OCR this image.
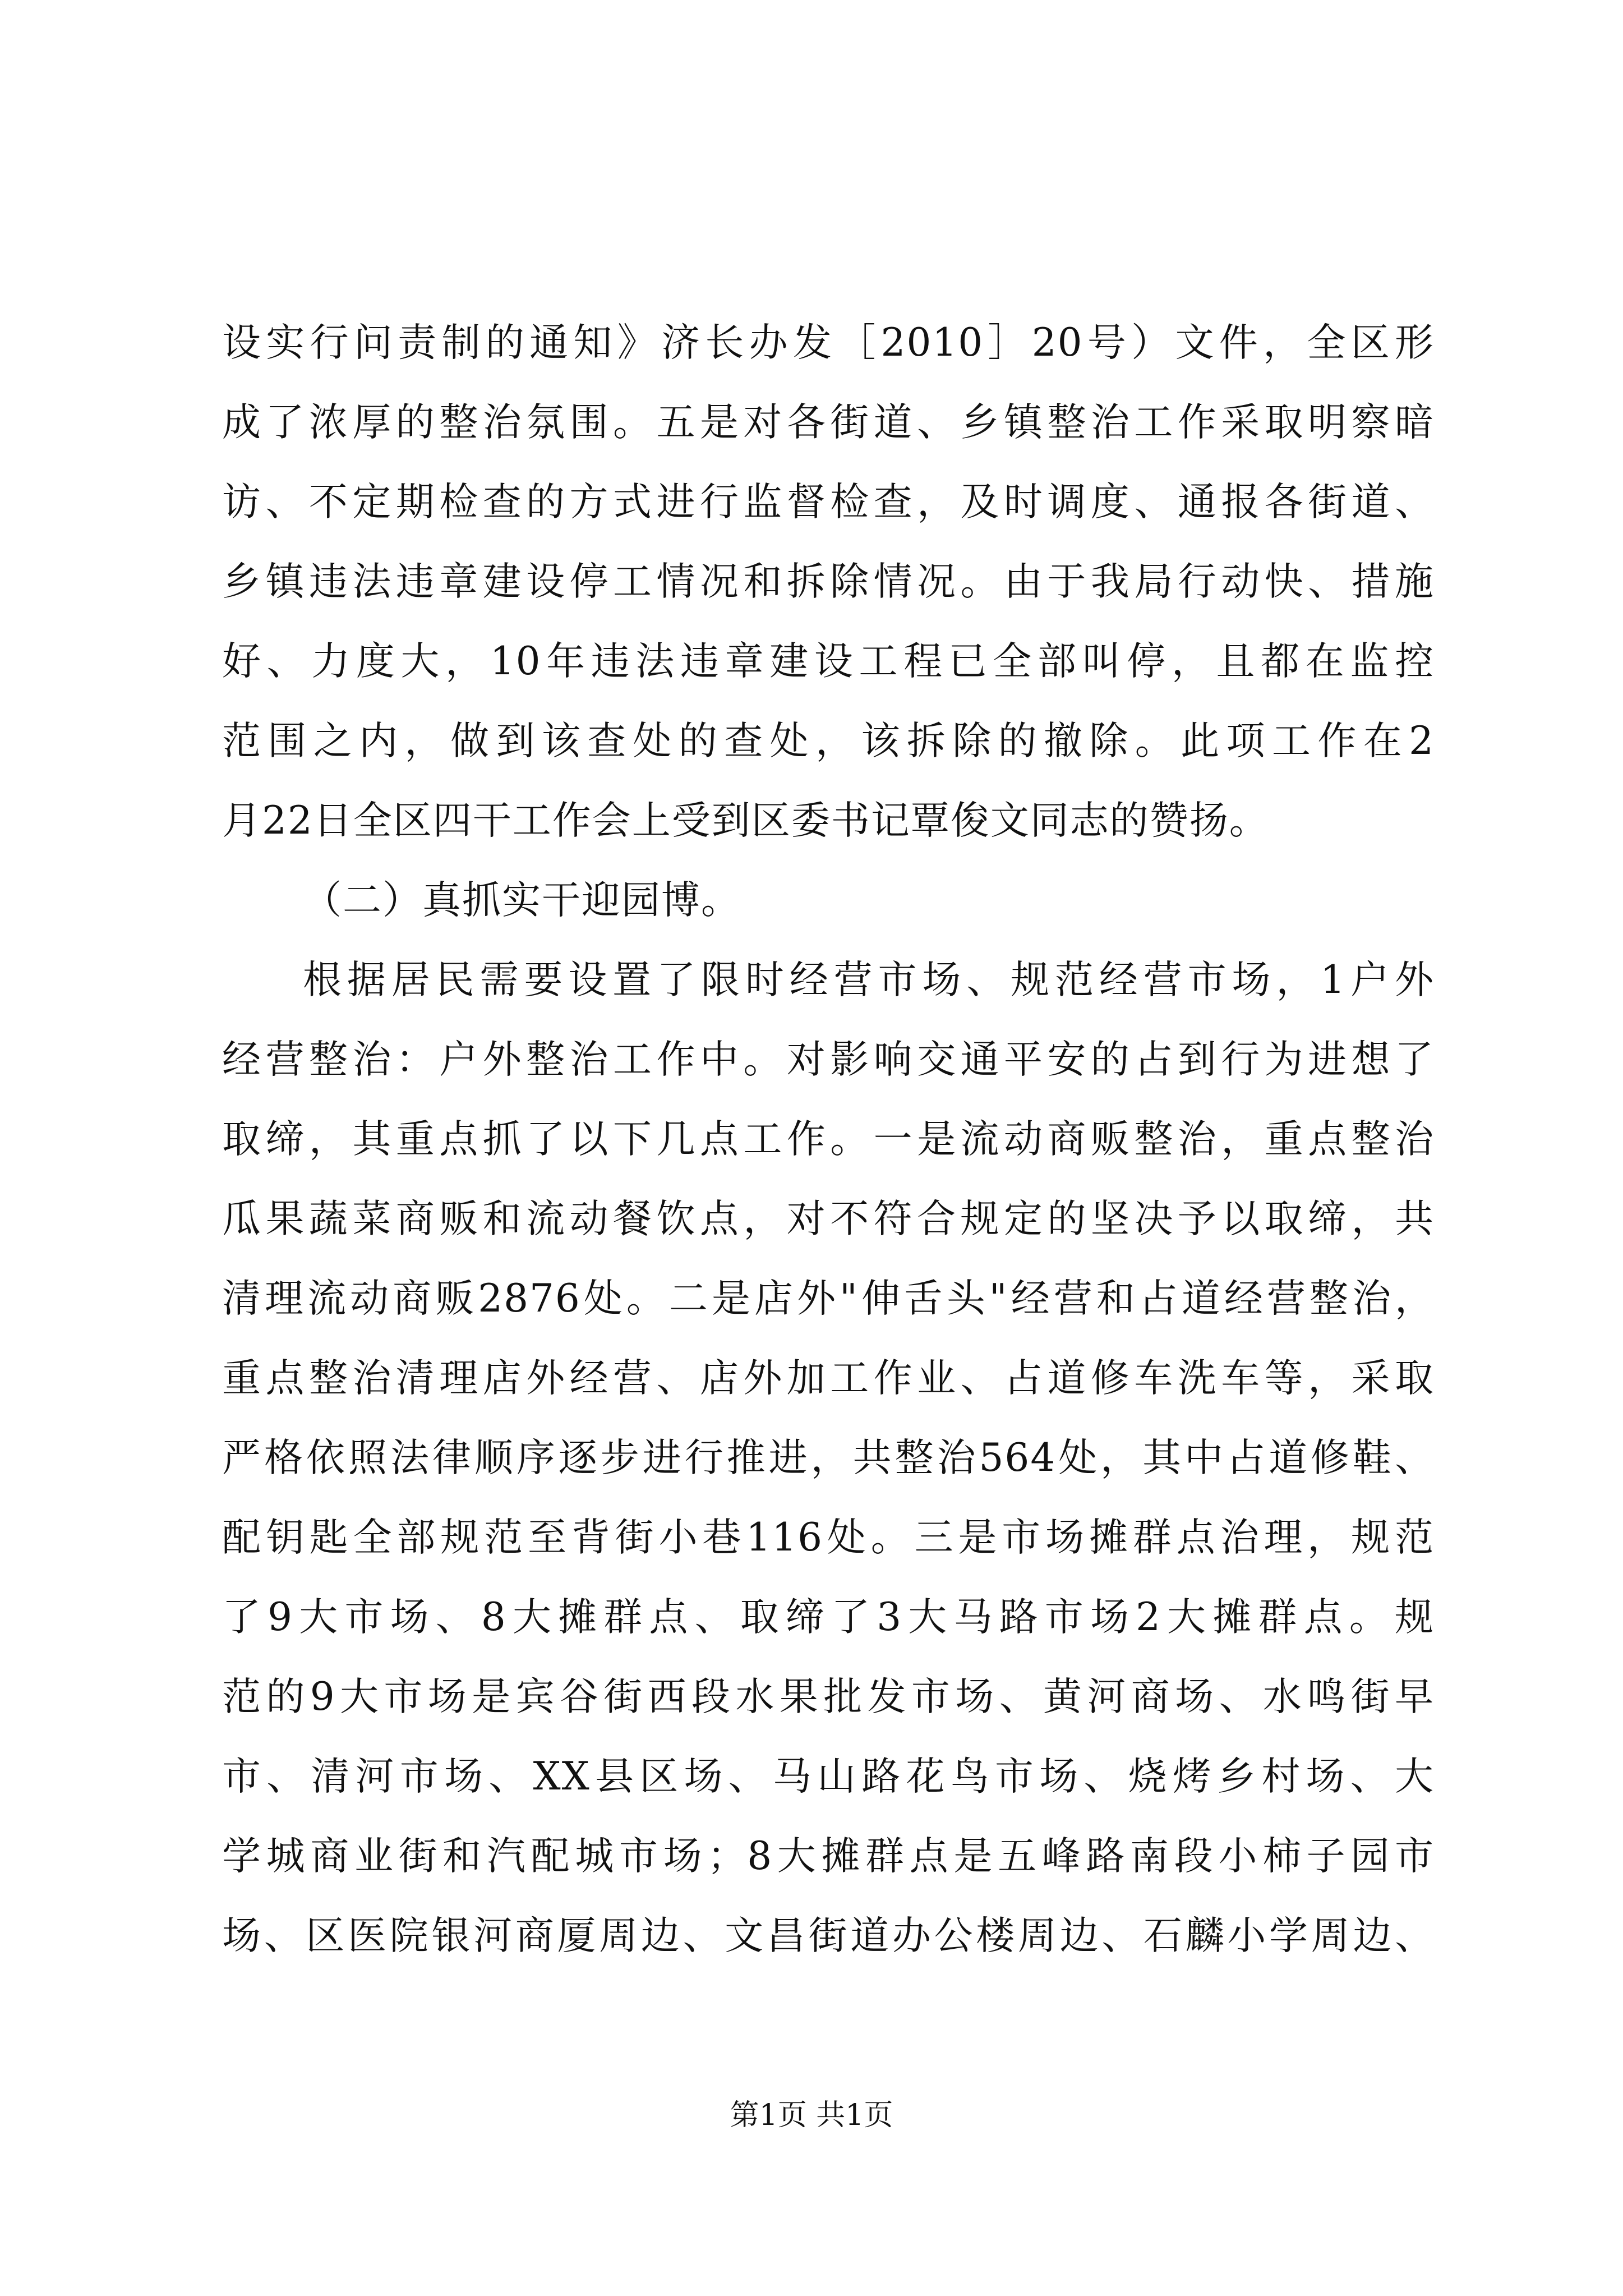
设实行问责制的通知》济长办发［2010］20号）文件，全区形
成了浓厚的整治氛围。五是对各街道、乡镇整治工作采取明察暗
访、不定期检查的方式进行监督检查，及时调度、通报各街道、
乡镇违法违章建设停工情况和拆除情况。由于我局行动快、措施
好、力度大，10年违法违章建设工程已全部叫停，且都在监控
范围之内，做到该查处的查处，该拆除的撤除。此项工作在2
月22日全区四干工作会上受到区委书记覃俊文同志的赞扬。
（二）真抓实干迎园博。
根据居民需要设置了限时经营市场、规范经营市场，1户外
经营整治：户外整治工作中。对影响交通平安的占到行为进想了
取缔，其重点抓了以下几点工作。一是流动商贩整治，重点整治
瓜果蔬菜商贩和流动餐饮点，对不符合规定的坚决予以取缔，共
清理流动商贩2876处。二是店外"伸舌头"经营和占道经营整治，
重点整治清理店外经营、店外加工作业、占道修车洗车等，采取
严格依照法律顺序逐步进行推进，共整治564处，其中占道修鞋、
配钥匙全部规范至背街小巷116处。三是市场摊群点治理，规范
了9大市场、8大摊群点、取缔了3大马路市场2大摊群点。规
范的9大市场是宾谷街西段水果批发市场、黄河商场、水鸣街早
市、清河市场、XX县区场、马山路花鸟市场、烧烤乡村场、大
学城商业街和汽配城市场；8大摊群点是五峰路南段小柿子园市
场、区医院银河商厦周边、文昌街道办公楼周边、石麟小学周边、
第1页 共1页
